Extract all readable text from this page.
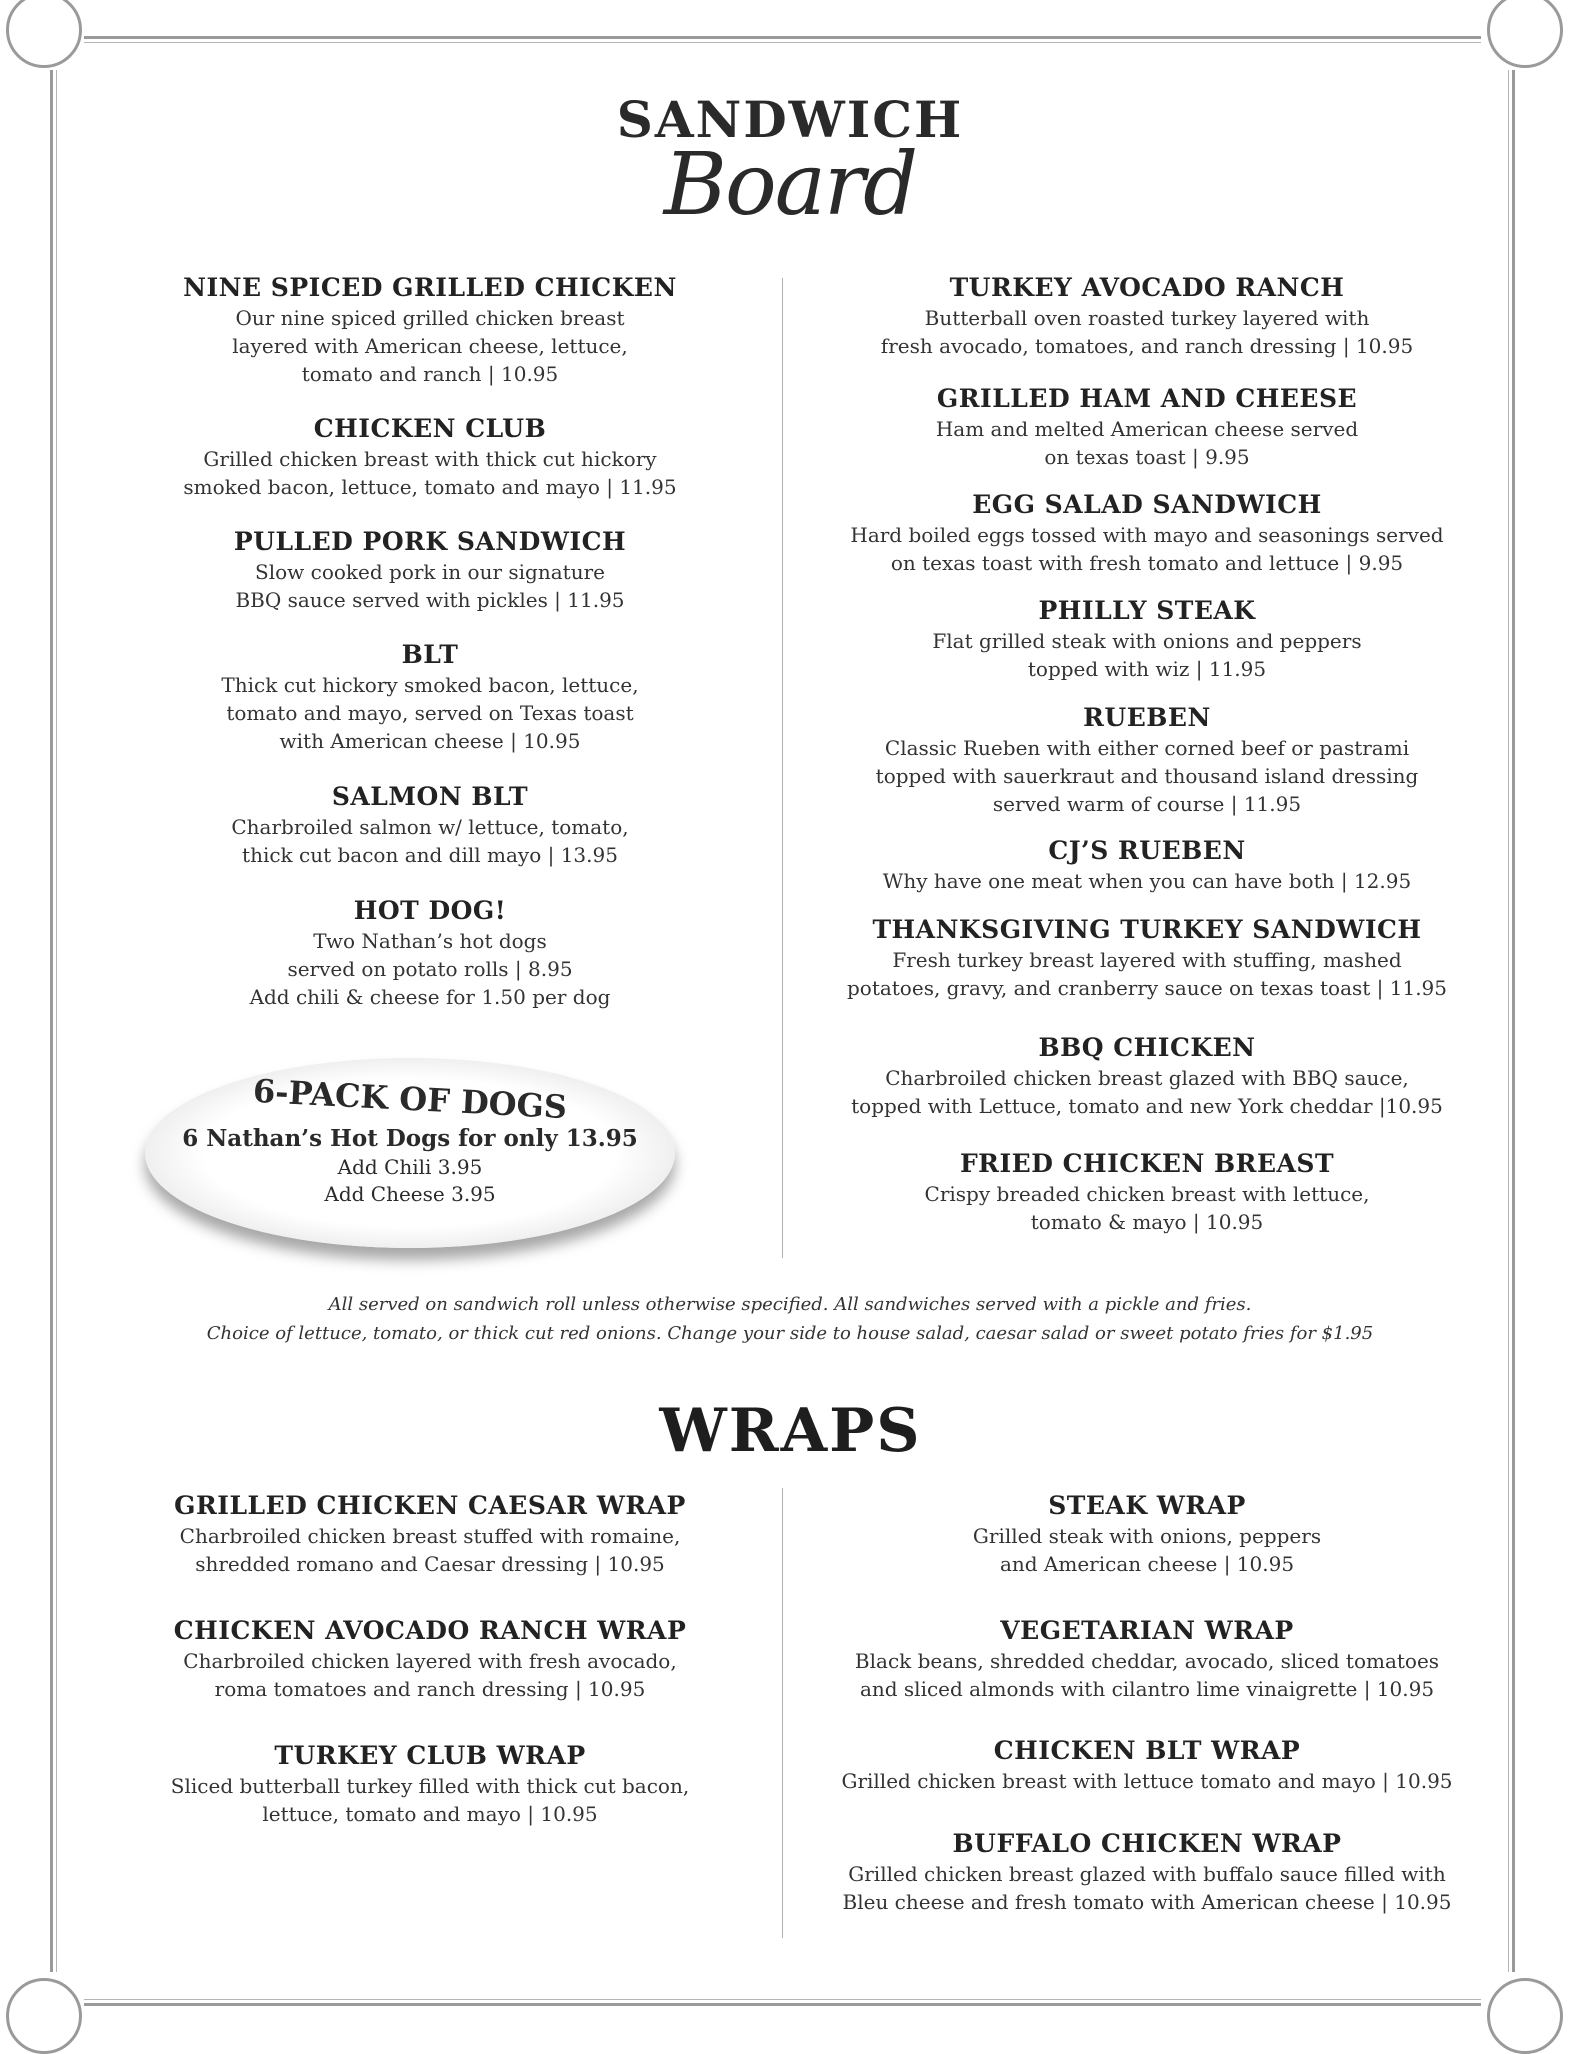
SANDWICH
Board
NINE SPICED GRILLED CHICKEN
Our nine spiced grilled chicken breast
layered with American cheese, lettuce,
tomato and ranch | 10.95
CHICKEN CLUB
Grilled chicken breast with thick cut hickory
smoked bacon, lettuce, tomato and mayo | 11.95
PULLED PORK SANDWICH
Slow cooked pork in our signature
BBQ sauce served with pickles | 11.95
BLT
Thick cut hickory smoked bacon, lettuce,
tomato and mayo, served on Texas toast
with American cheese | 10.95
SALMON BLT
Charbroiled salmon w/ lettuce, tomato,
thick cut bacon and dill mayo | 13.95
HOT DOG!
Two Nathan’s hot dogs
served on potato rolls | 8.95
Add chili & cheese for 1.50 per dog
TURKEY AVOCADO RANCH
Butterball oven roasted turkey layered with
fresh avocado, tomatoes, and ranch dressing | 10.95
GRILLED HAM AND CHEESE
Ham and melted American cheese served
on texas toast | 9.95
EGG SALAD SANDWICH
Hard boiled eggs tossed with mayo and seasonings served
on texas toast with fresh tomato and lettuce | 9.95
PHILLY STEAK
Flat grilled steak with onions and peppers
topped with wiz | 11.95
RUEBEN
Classic Rueben with either corned beef or pastrami
topped with sauerkraut and thousand island dressing
served warm of course | 11.95
CJ’S RUEBEN
Why have one meat when you can have both | 12.95
THANKSGIVING TURKEY SANDWICH
Fresh turkey breast layered with stuffing, mashed
potatoes, gravy, and cranberry sauce on texas toast | 11.95
BBQ CHICKEN
Charbroiled chicken breast glazed with BBQ sauce,
topped with Lettuce, tomato and new York cheddar |10.95
FRIED CHICKEN BREAST
Crispy breaded chicken breast with lettuce,
tomato & mayo | 10.95
GRILLED CHICKEN CAESAR WRAP
Charbroiled chicken breast stuffed with romaine,
shredded romano and Caesar dressing | 10.95
CHICKEN AVOCADO RANCH WRAP
Charbroiled chicken layered with fresh avocado,
roma tomatoes and ranch dressing | 10.95
TURKEY CLUB WRAP
Sliced butterball turkey filled with thick cut bacon,
lettuce, tomato and mayo | 10.95
STEAK WRAP
Grilled steak with onions, peppers
and American cheese | 10.95
VEGETARIAN WRAP
Black beans, shredded cheddar, avocado, sliced tomatoes
and sliced almonds with cilantro lime vinaigrette | 10.95
CHICKEN BLT WRAP
Grilled chicken breast with lettuce tomato and mayo | 10.95
BUFFALO CHICKEN WRAP
Grilled chicken breast glazed with buffalo sauce filled with
Bleu cheese and fresh tomato with American cheese | 10.95
6-PACK OF DOGS
6 Nathan’s Hot Dogs for only 13.95
Add Chili 3.95
Add Cheese 3.95
All served on sandwich roll unless otherwise specified. All sandwiches served with a pickle and fries.
Choice of lettuce, tomato, or thick cut red onions. Change your side to house salad, caesar salad or sweet potato fries for $1.95
WRAPS
